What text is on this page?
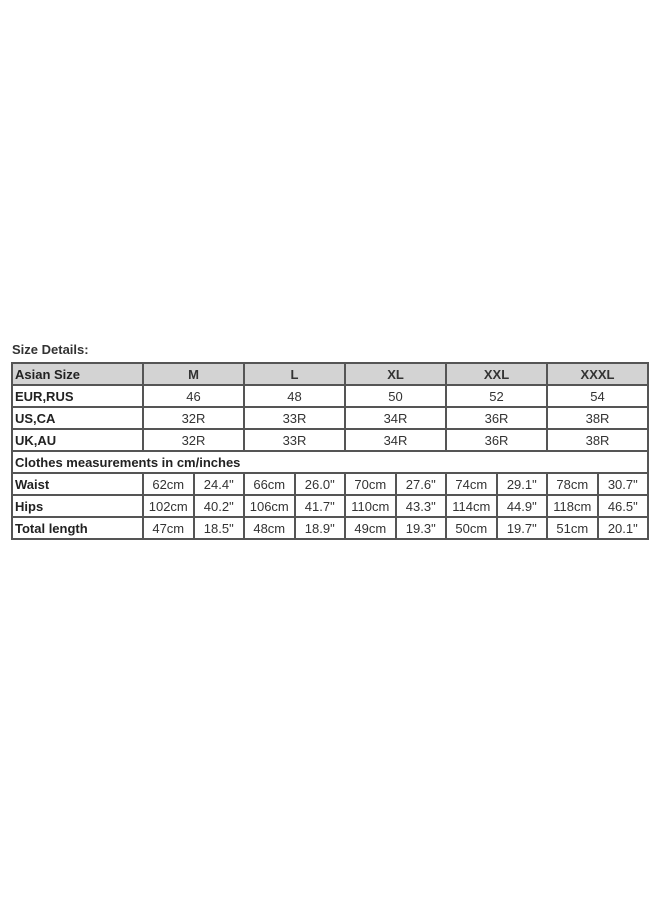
Size Details:
Asian Size	M		L		XL		XXL		XXXL	
EUR,RUS	46		48		50		52		54	
US,CA	32R		33R		34R		36R		38R	
UK,AU	32R		33R		34R		36R		38R	
Clothes measurements in cm/inches										
Waist	62cm	24.4"	66cm	26.0"	70cm	27.6"	74cm	29.1"	78cm	30.7"
Hips	102cm	40.2"	106cm	41.7"	110cm	43.3"	114cm	44.9"	118cm	46.5"
Total length	47cm	18.5"	48cm	18.9"	49cm	19.3"	50cm	19.7"	51cm	20.1"
